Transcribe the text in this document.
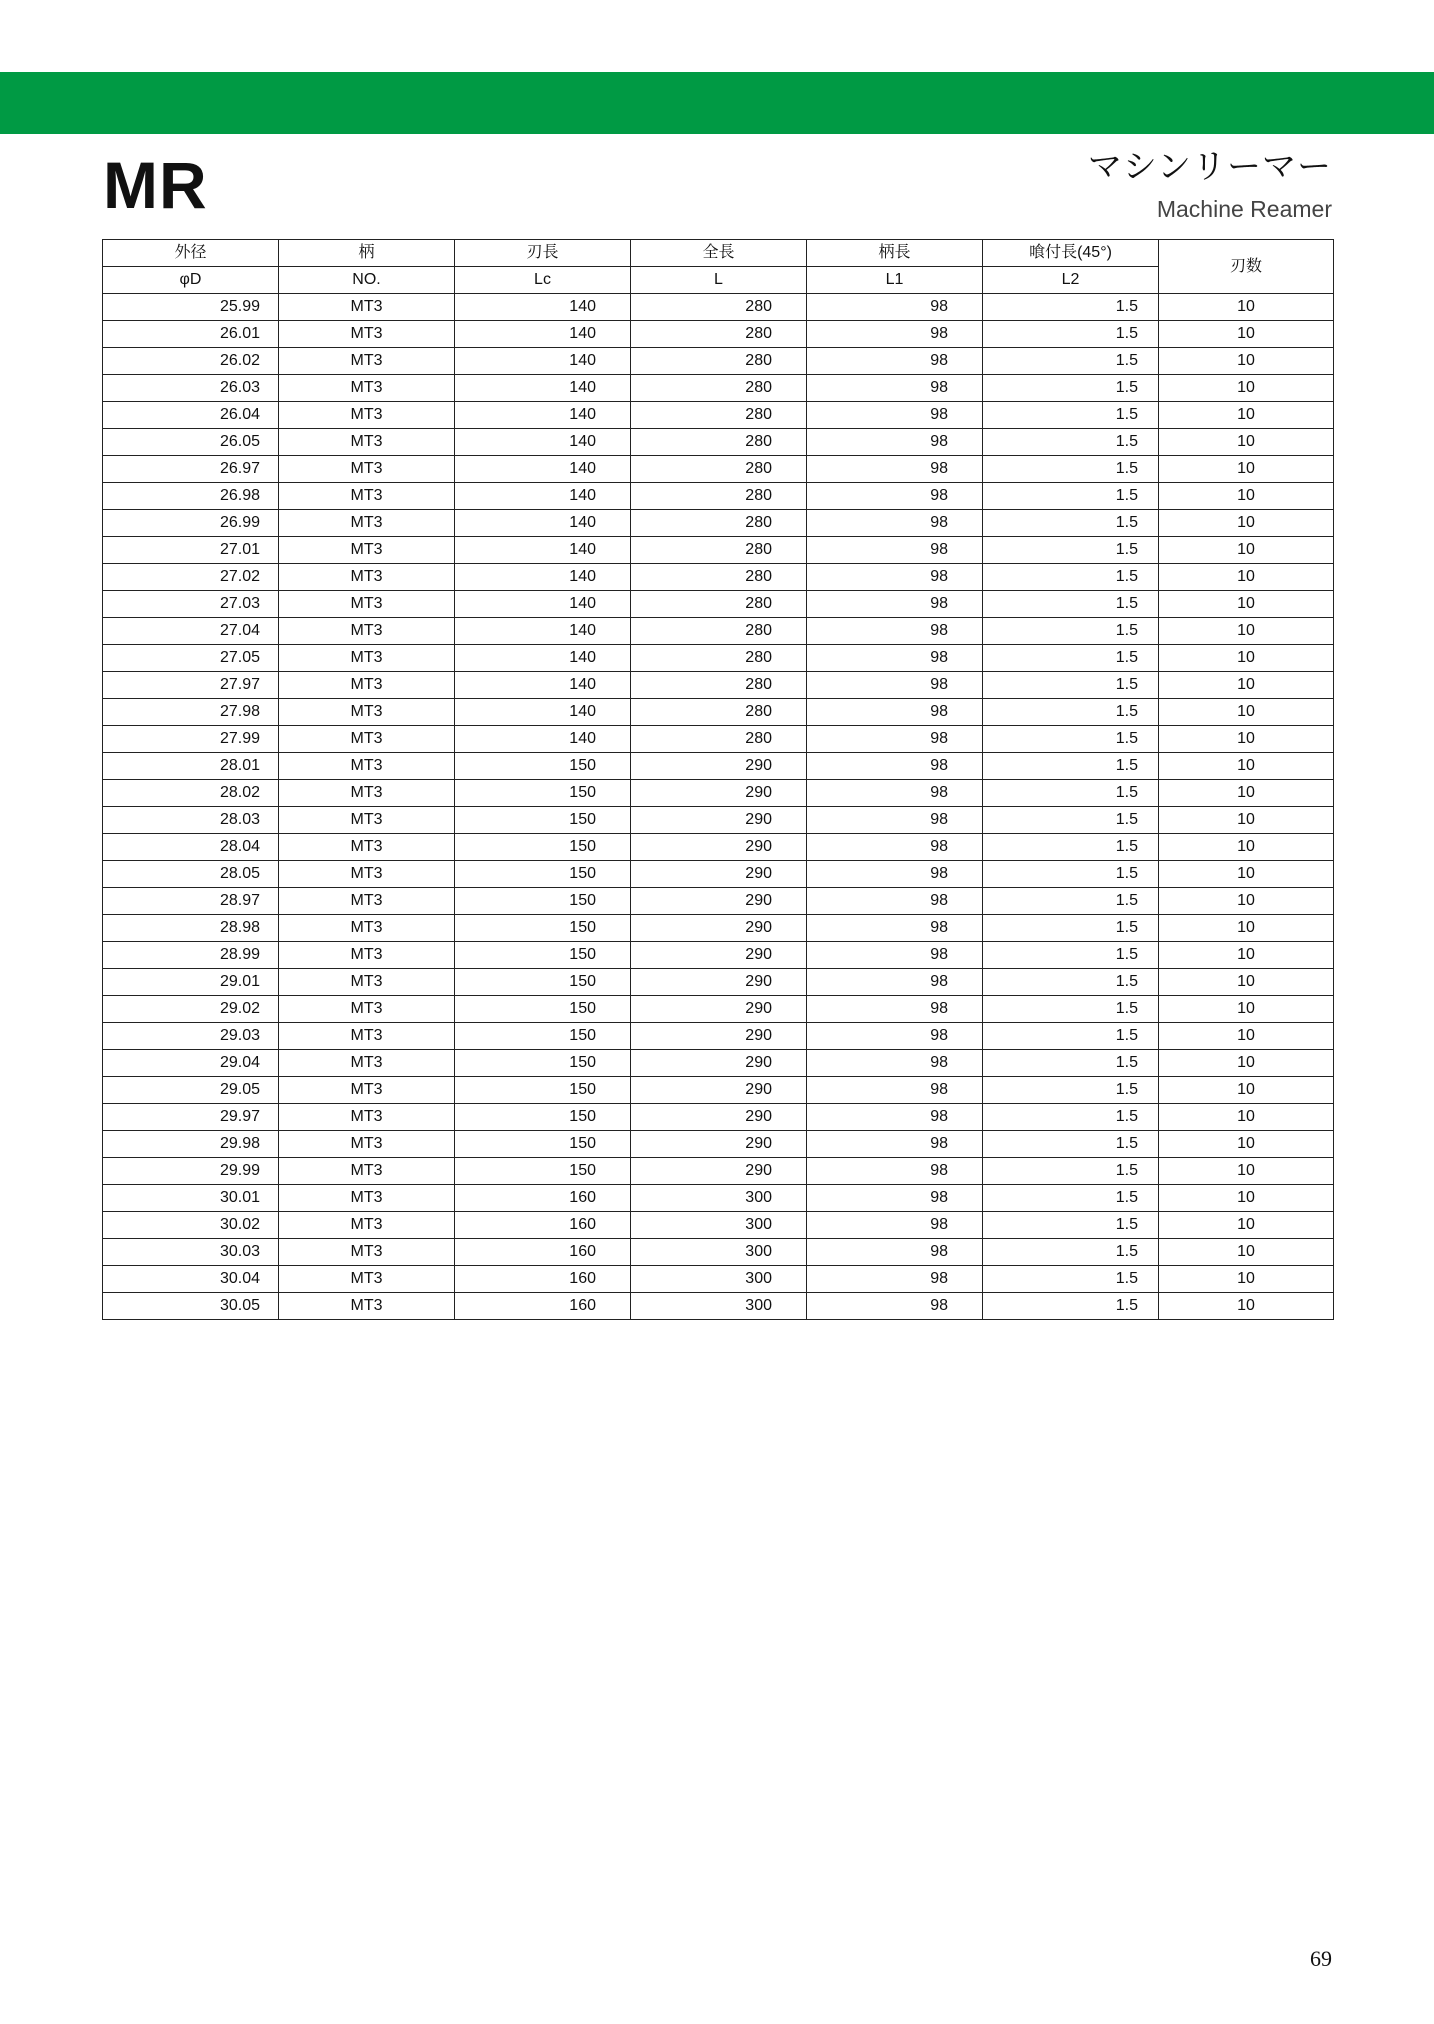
MR	マシンリーマー
Machine Reamer
外径	柄	刃長	全長	柄長	喰付長(45°)	刃数
φD	NO.	Lc	L	L1	L2	
25.99	MT3	140	280	98	1.5	10
26.01	MT3	140	280	98	1.5	10
26.02	MT3	140	280	98	1.5	10
26.03	MT3	140	280	98	1.5	10
26.04	MT3	140	280	98	1.5	10
26.05	MT3	140	280	98	1.5	10
26.97	MT3	140	280	98	1.5	10
26.98	MT3	140	280	98	1.5	10
26.99	MT3	140	280	98	1.5	10
27.01	MT3	140	280	98	1.5	10
27.02	MT3	140	280	98	1.5	10
27.03	MT3	140	280	98	1.5	10
27.04	MT3	140	280	98	1.5	10
27.05	MT3	140	280	98	1.5	10
27.97	MT3	140	280	98	1.5	10
27.98	MT3	140	280	98	1.5	10
27.99	MT3	140	280	98	1.5	10
28.01	MT3	150	290	98	1.5	10
28.02	MT3	150	290	98	1.5	10
28.03	MT3	150	290	98	1.5	10
28.04	MT3	150	290	98	1.5	10
28.05	MT3	150	290	98	1.5	10
28.97	MT3	150	290	98	1.5	10
28.98	MT3	150	290	98	1.5	10
28.99	MT3	150	290	98	1.5	10
29.01	MT3	150	290	98	1.5	10
29.02	MT3	150	290	98	1.5	10
29.03	MT3	150	290	98	1.5	10
29.04	MT3	150	290	98	1.5	10
29.05	MT3	150	290	98	1.5	10
29.97	MT3	150	290	98	1.5	10
29.98	MT3	150	290	98	1.5	10
29.99	MT3	150	290	98	1.5	10
30.01	MT3	160	300	98	1.5	10
30.02	MT3	160	300	98	1.5	10
30.03	MT3	160	300	98	1.5	10
30.04	MT3	160	300	98	1.5	10
30.05	MT3	160	300	98	1.5	10
69
